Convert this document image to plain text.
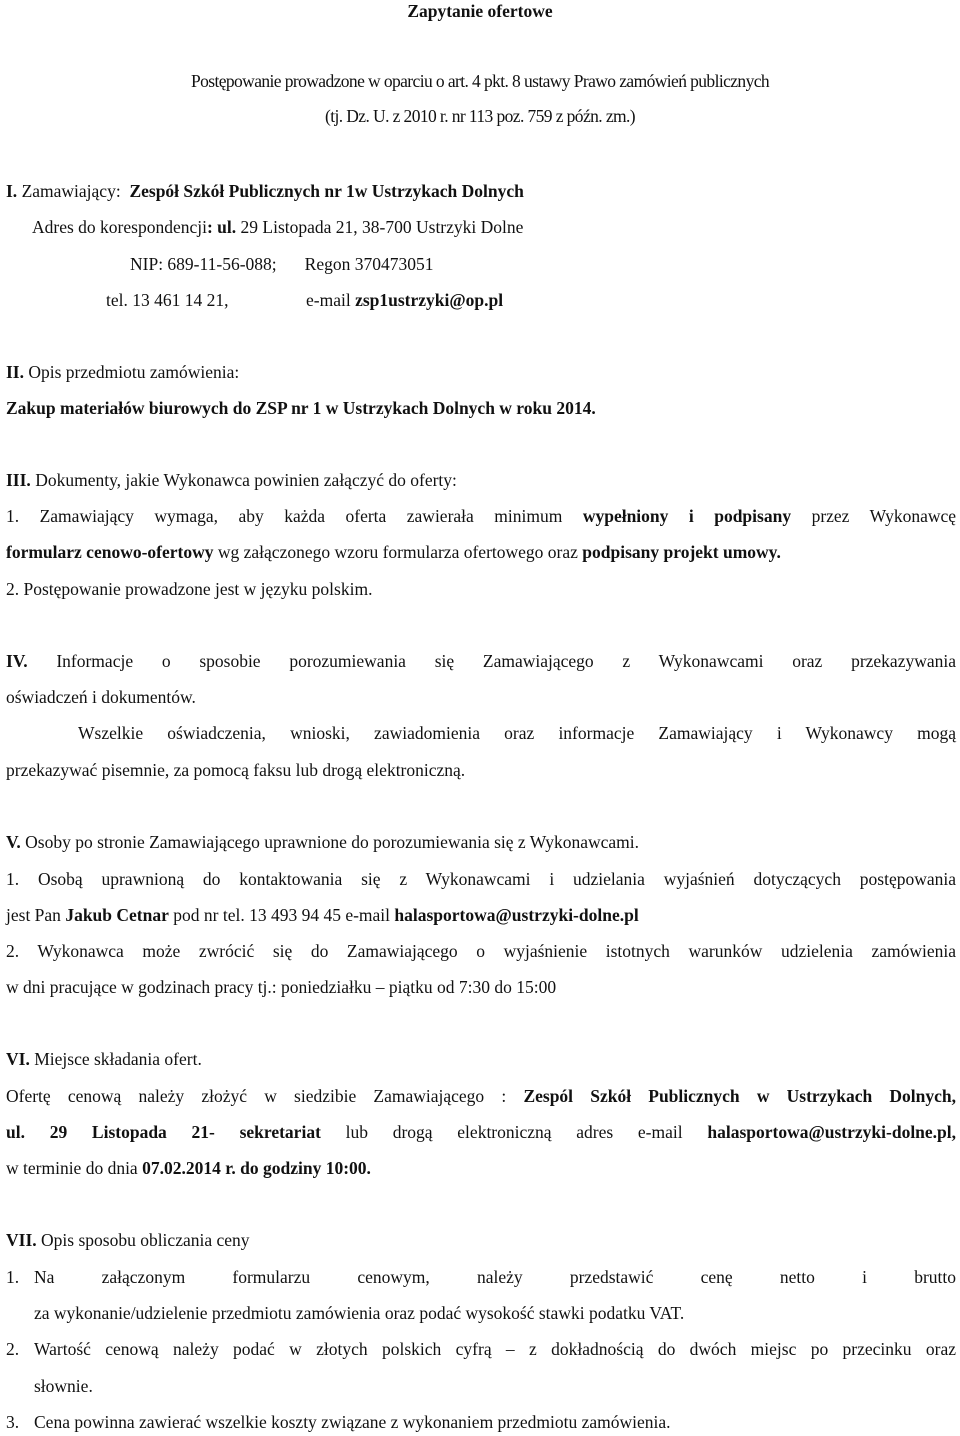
Zapytanie ofertowe
Postępowanie prowadzone w oparciu o art. 4 pkt. 8 ustawy Prawo zamówień publicznych
(tj. Dz. U. z 2010 r. nr 113 poz. 759 z późn. zm.)
I. Zamawiający: Zespół Szkół Publicznych nr 1w Ustrzykach Dolnych
Adres do korespondencji: ul. 29 Listopada 21, 38-700 Ustrzyki Dolne
NIP: 689-11-56-088; Regon 370473051
tel. 13 461 14 21,	e-mail zsp1ustrzyki@op.pl
II. Opis przedmiotu zamówienia:
Zakup materiałów biurowych do ZSP nr 1 w Ustrzykach Dolnych w roku 2014.
III. Dokumenty, jakie Wykonawca powinien załączyć do oferty:
1. Zamawiający wymaga, aby każda oferta zawierała minimum wypełniony i podpisany przez Wykonawcę
formularz cenowo-ofertowy wg załączonego wzoru formularza ofertowego oraz podpisany projekt umowy.
2. Postępowanie prowadzone jest w języku polskim.
IV. Informacje o sposobie porozumiewania się Zamawiającego z Wykonawcami oraz przekazywania
oświadczeń i dokumentów.
Wszelkie oświadczenia, wnioski, zawiadomienia oraz informacje Zamawiający i Wykonawcy mogą
przekazywać pisemnie, za pomocą faksu lub drogą elektroniczną.
V. Osoby po stronie Zamawiającego uprawnione do porozumiewania się z Wykonawcami.
1. Osobą uprawnioną do kontaktowania się z Wykonawcami i udzielania wyjaśnień dotyczących postępowania
jest Pan Jakub Cetnar pod nr tel. 13 493 94 45 e-mail halasportowa@ustrzyki-dolne.pl
2. Wykonawca może zwrócić się do Zamawiającego o wyjaśnienie istotnych warunków udzielenia zamówienia
w dni pracujące w godzinach pracy tj.: poniedziałku – piątku od 7:30 do 15:00
VI. Miejsce składania ofert.
Ofertę cenową należy złożyć w siedzibie Zamawiającego : Zespól Szkół Publicznych w Ustrzykach Dolnych,
ul. 29 Listopada 21- sekretariat lub drogą elektroniczną adres e-mail halasportowa@ustrzyki-dolne.pl,
w terminie do dnia 07.02.2014 r. do godziny 10:00.
VII. Opis sposobu obliczania ceny
1. Na załączonym formularzu cenowym, należy przedstawić cenę netto i brutto
za wykonanie/udzielenie przedmiotu zamówienia oraz podać wysokość stawki podatku VAT.
2. Wartość cenową należy podać w złotych polskich cyfrą – z dokładnością do dwóch miejsc po przecinku oraz
słownie.
3. Cena powinna zawierać wszelkie koszty związane z wykonaniem przedmiotu zamówienia.
